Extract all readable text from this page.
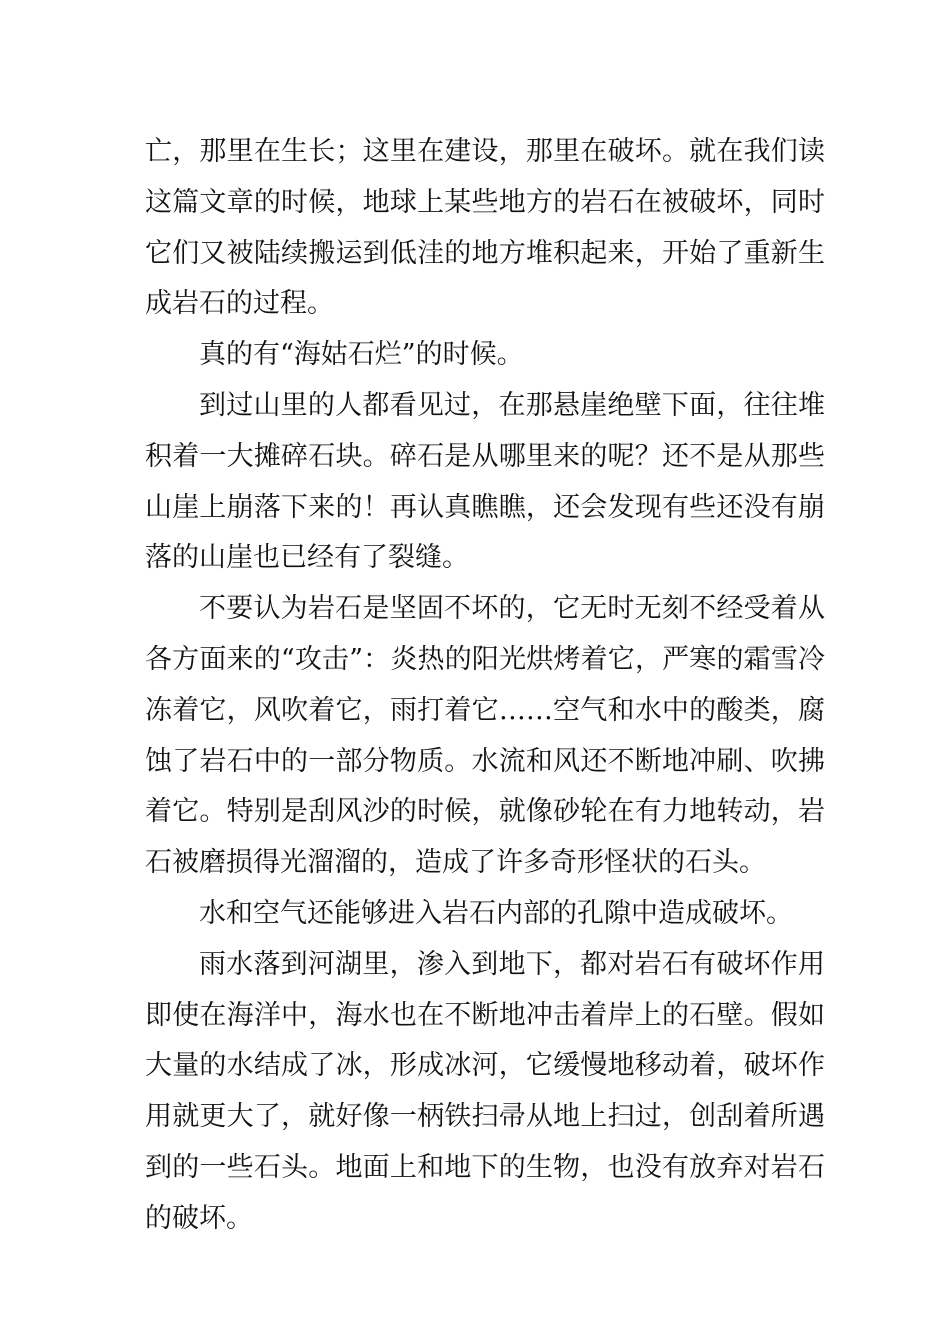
亡，那里在生长；这里在建设，那里在破坏。就在我们读这篇文章的时候，地球上某些地方的岩石在被破坏，同时它们又被陆续搬运到低洼的地方堆积起来，开始了重新生成岩石的过程。

真的有“海姑石烂”的时候。

到过山里的人都看见过，在那悬崖绝壁下面，往往堆积着一大摊碎石块。碎石是从哪里来的呢？还不是从那些山崖上崩落下来的！再认真瞧瞧，还会发现有些还没有崩落的山崖也已经有了裂缝。

不要认为岩石是坚固不坏的，它无时无刻不经受着从各方面来的“攻击”：炎热的阳光烘烤着它，严寒的霜雪冷冻着它，风吹着它，雨打着它……空气和水中的酸类，腐蚀了岩石中的一部分物质。水流和风还不断地冲刷、吹拂着它。特别是刮风沙的时候，就像砂轮在有力地转动，岩石被磨损得光溜溜的，造成了许多奇形怪状的石头。

水和空气还能够进入岩石内部的孔隙中造成破坏。

雨水落到河湖里，渗入到地下，都对岩石有破坏作用即使在海洋中，海水也在不断地冲击着岸上的石壁。假如大量的水结成了冰，形成冰河，它缓慢地移动着，破坏作用就更大了，就好像一柄铁扫帚从地上扫过，创刮着所遇到的一些石头。地面上和地下的生物，也没有放弃对岩石的破坏。
